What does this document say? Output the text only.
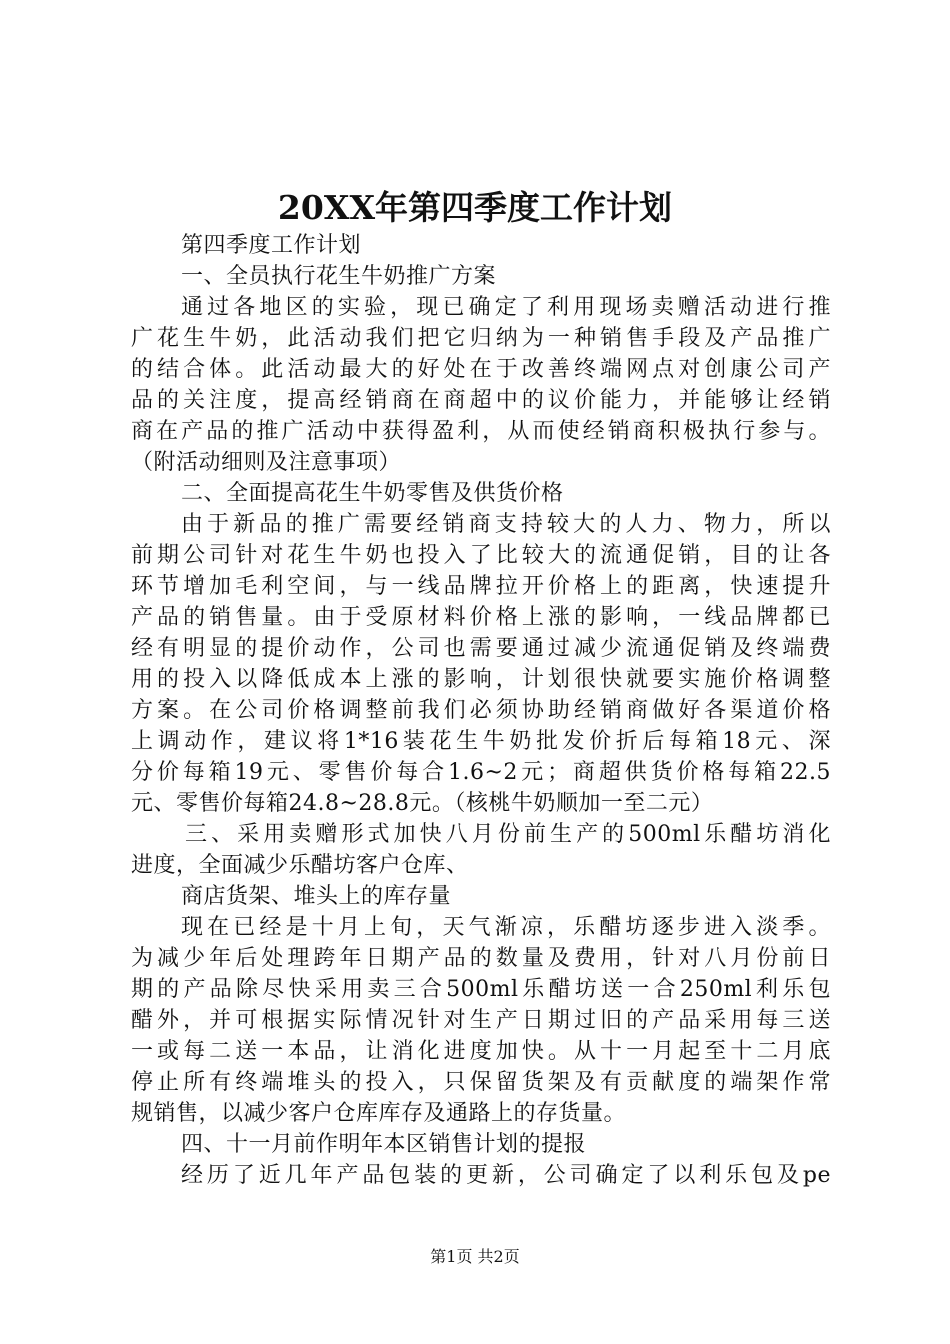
20XX年第四季度工作计划
第四季度工作计划
一、全员执行花生牛奶推广方案
通过各地区的实验，现已确定了利用现场卖赠活动进行推
广花生牛奶，此活动我们把它归纳为一种销售手段及产品推广
的结合体。此活动最大的好处在于改善终端网点对创康公司产
品的关注度，提高经销商在商超中的议价能力，并能够让经销
商在产品的推广活动中获得盈利，从而使经销商积极执行参与。
（附活动细则及注意事项）
二、全面提高花生牛奶零售及供货价格
由于新品的推广需要经销商支持较大的人力、物力，所以
前期公司针对花生牛奶也投入了比较大的流通促销，目的让各
环节增加毛利空间，与一线品牌拉开价格上的距离，快速提升
产品的销售量。由于受原材料价格上涨的影响，一线品牌都已
经有明显的提价动作，公司也需要通过减少流通促销及终端费
用的投入以降低成本上涨的影响，计划很快就要实施价格调整
方案。在公司价格调整前我们必须协助经销商做好各渠道价格
上调动作，建议将1*16装花生牛奶批发价折后每箱18元、深
分价每箱19元、零售价每合1.6~2元；商超供货价格每箱22.5
元、零售价每箱24.8~28.8元。（核桃牛奶顺加一至二元）
三、采用卖赠形式加快八月份前生产的500ml乐醋坊消化
进度，全面减少乐醋坊客户仓库、
商店货架、堆头上的库存量
现在已经是十月上旬，天气渐凉，乐醋坊逐步进入淡季。
为减少年后处理跨年日期产品的数量及费用，针对八月份前日
期的产品除尽快采用卖三合500ml乐醋坊送一合250ml利乐包
醋外，并可根据实际情况针对生产日期过旧的产品采用每三送
一或每二送一本品，让消化进度加快。从十一月起至十二月底
停止所有终端堆头的投入，只保留货架及有贡献度的端架作常
规销售，以减少客户仓库库存及通路上的存货量。
四、十一月前作明年本区销售计划的提报
经历了近几年产品包装的更新，公司确定了以利乐包及pe
第1页 共2页
